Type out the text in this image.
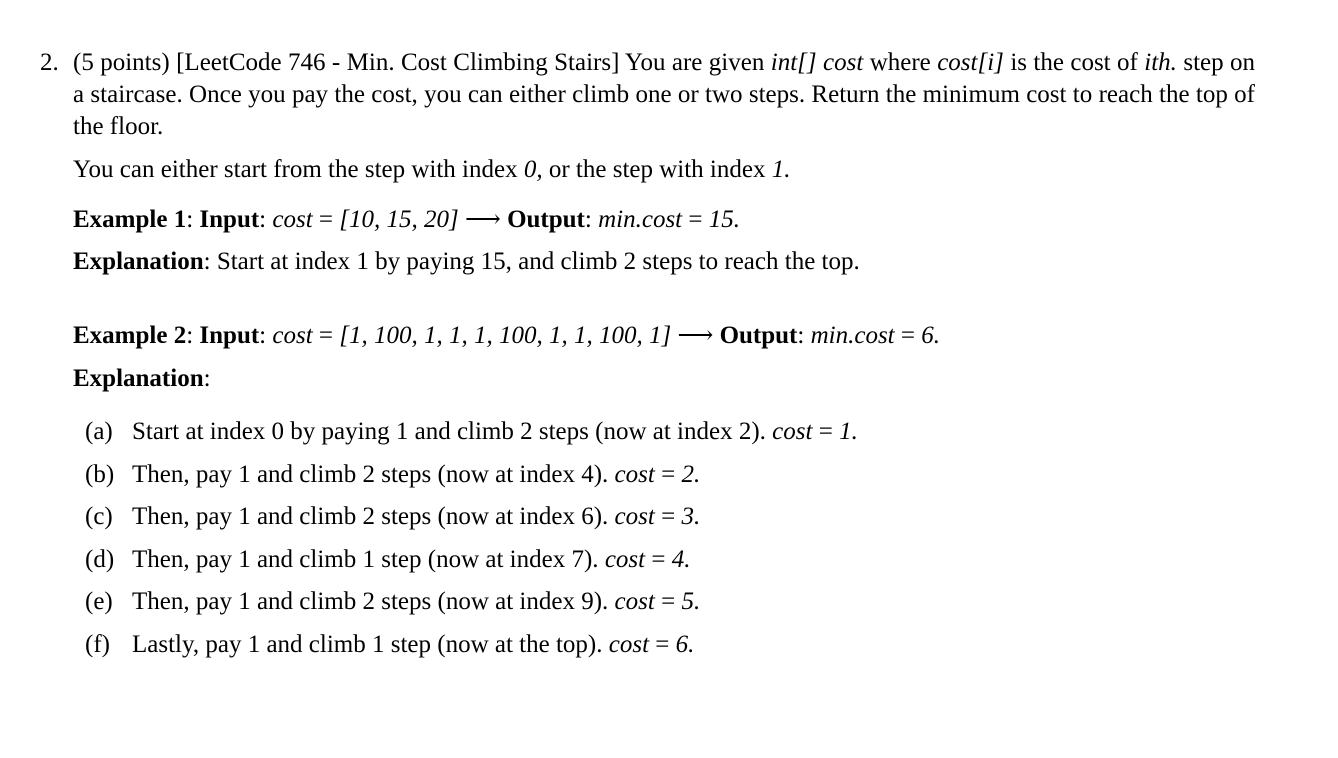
2. (5 points) [LeetCode 746 - Min. Cost Climbing Stairs] You are given int[] cost where cost[i] is the cost of ith. step on a staircase. Once you pay the cost, you can either climb one or two steps. Return the minimum cost to reach the top of the floor.
You can either start from the step with index 0, or the step with index 1.
Example 1: Input: cost = [10, 15, 20] ⟶ Output: min.cost = 15.
Explanation: Start at index 1 by paying 15, and climb 2 steps to reach the top.
Example 2: Input: cost = [1, 100, 1, 1, 1, 100, 1, 1, 100, 1] ⟶ Output: min.cost = 6.
Explanation:
(a) Start at index 0 by paying 1 and climb 2 steps (now at index 2). cost = 1.
(b) Then, pay 1 and climb 2 steps (now at index 4). cost = 2.
(c) Then, pay 1 and climb 2 steps (now at index 6). cost = 3.
(d) Then, pay 1 and climb 1 step (now at index 7). cost = 4.
(e) Then, pay 1 and climb 2 steps (now at index 9). cost = 5.
(f) Lastly, pay 1 and climb 1 step (now at the top). cost = 6.
